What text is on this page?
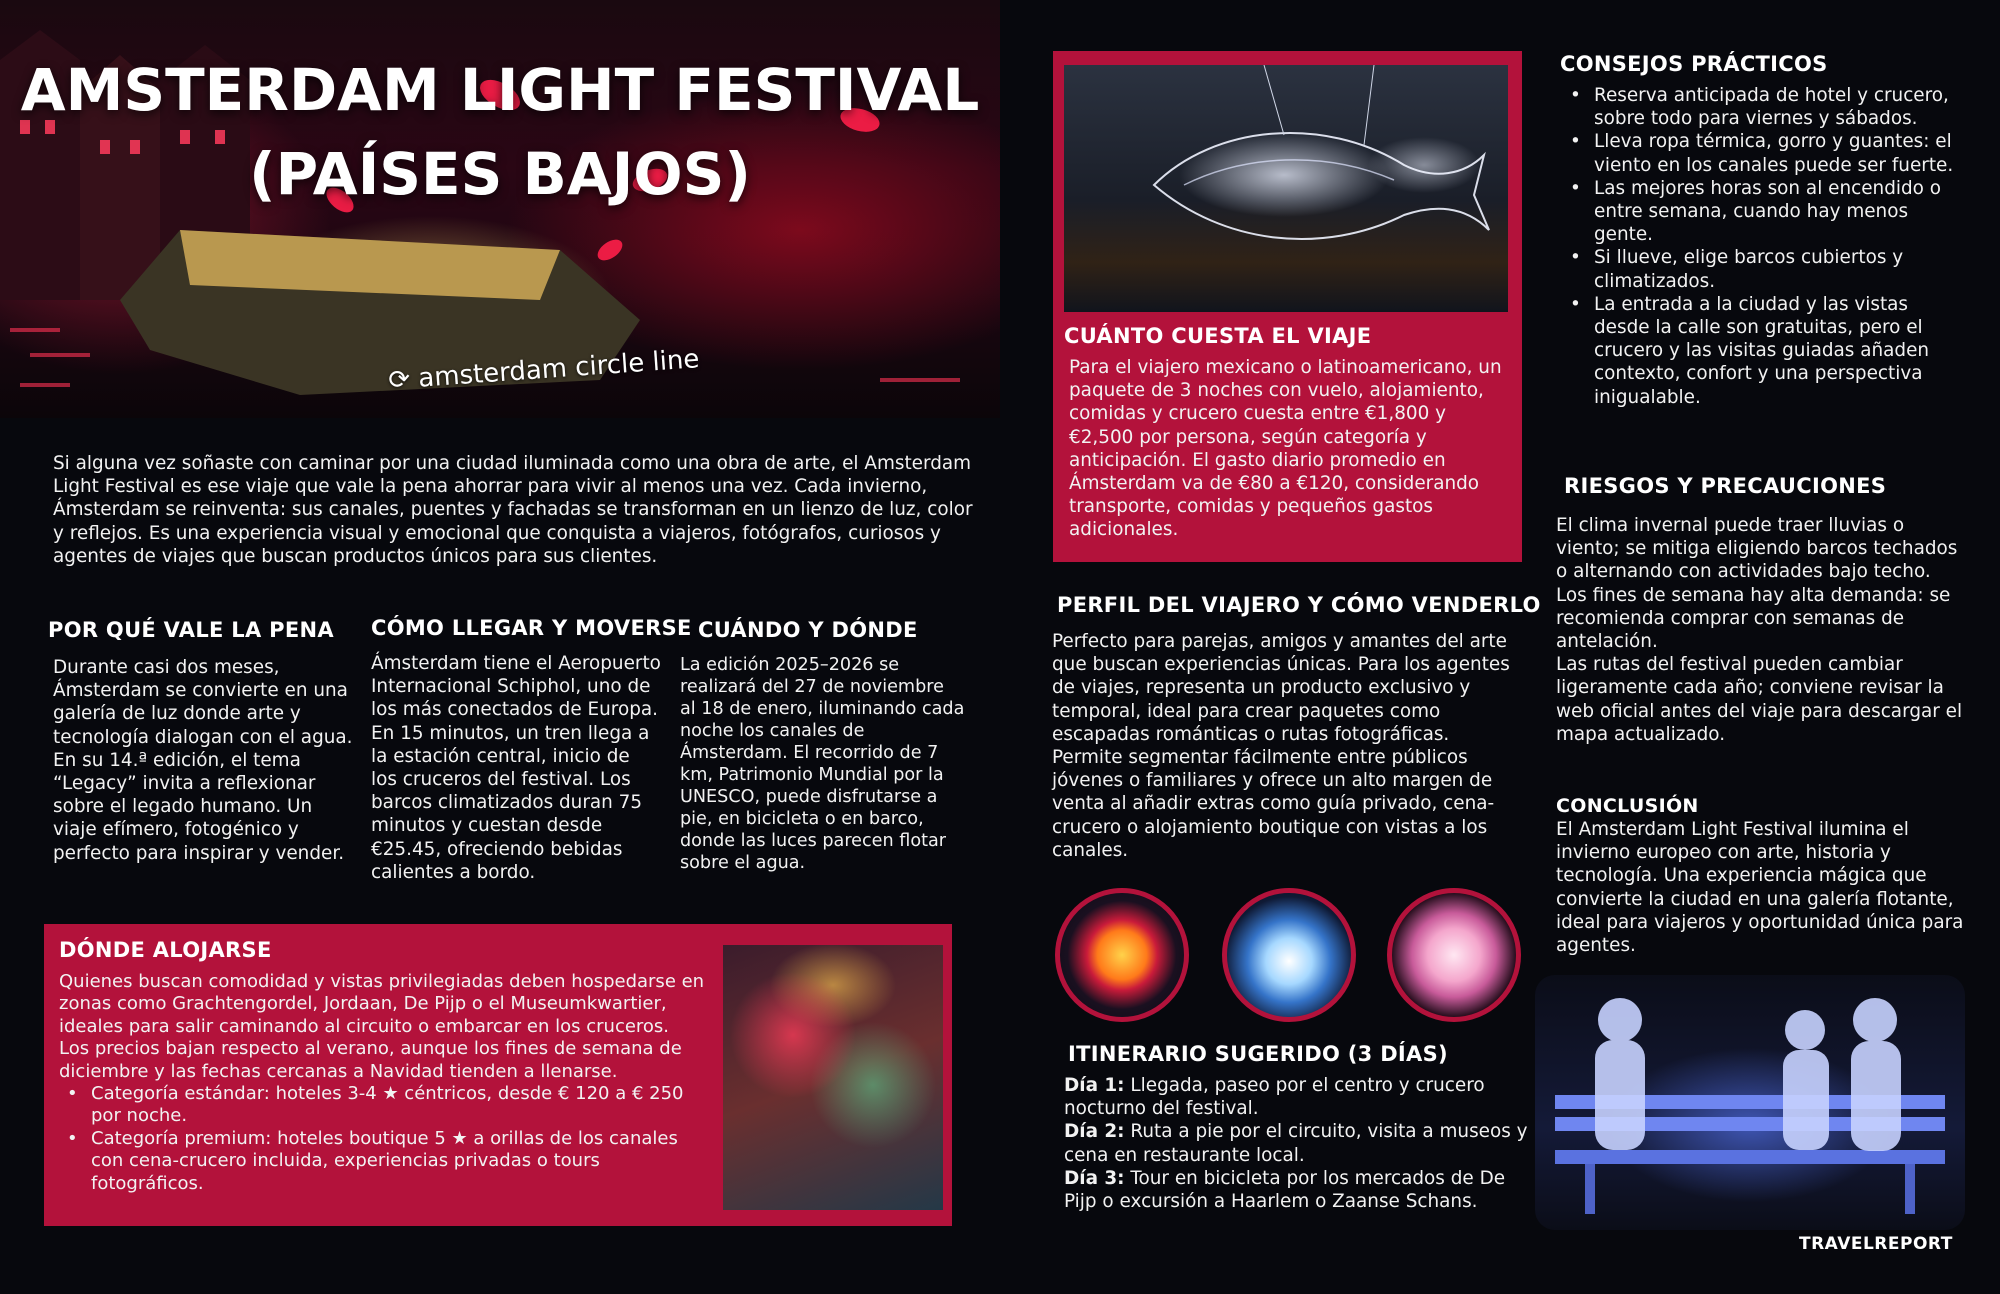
AMSTERDAM LIGHT FESTIVAL
(PAÍSES BAJOS)
⟳ amsterdam circle line
Si alguna vez soñaste con caminar por una ciudad iluminada como una obra de arte, el Amsterdam Light Festival es ese viaje que vale la pena ahorrar para vivir al menos una vez. Cada invierno, Ámsterdam se reinventa: sus canales, puentes y fachadas se transforman en un lienzo de luz, color y reflejos. Es una experiencia visual y emocional que conquista a viajeros, fotógrafos, curiosos y agentes de viajes que buscan productos únicos para sus clientes.
POR QUÉ VALE LA PENA
Durante casi dos meses, Ámsterdam se convierte en una galería de luz donde arte y tecnología dialogan con el agua. En su 14.ª edición, el tema “Legacy” invita a reflexionar sobre el legado humano. Un viaje efímero, fotogénico y perfecto para inspirar y vender.
CÓMO LLEGAR Y MOVERSE
Ámsterdam tiene el Aeropuerto Internacional Schiphol, uno de los más conectados de Europa. En 15 minutos, un tren llega a la estación central, inicio de los cruceros del festival. Los barcos climatizados duran 75 minutos y cuestan desde €25.45, ofreciendo bebidas calientes a bordo.
CUÁNDO Y DÓNDE
La edición 2025–2026 se realizará del 27 de noviembre al 18 de enero, iluminando cada noche los canales de Ámsterdam. El recorrido de 7 km, Patrimonio Mundial por la UNESCO, puede disfrutarse a pie, en bicicleta o en barco, donde las luces parecen flotar sobre el agua.
DÓNDE ALOJARSE

Quienes buscan comodidad y vistas privilegiadas deben hospedarse en zonas como Grachtengordel, Jordaan, De Pijp o el Museumkwartier, ideales para salir caminando al circuito o embarcar en los cruceros.

Los precios bajan respecto al verano, aunque los fines de semana de diciembre y las fechas cercanas a Navidad tienden a llenarse.

• Categoría estándar: hoteles 3-4 ★ céntricos, desde € 120 a € 250 por noche.
• Categoría premium: hoteles boutique 5 ★ a orillas de los canales con cena-crucero incluida, experiencias privadas o tours fotográficos.
CUÁNTO CUESTA EL VIAJE
Para el viajero mexicano o latinoamericano, un paquete de 3 noches con vuelo, alojamiento, comidas y crucero cuesta entre €1,800 y €2,500 por persona, según categoría y anticipación. El gasto diario promedio en Ámsterdam va de €80 a €120, considerando transporte, comidas y pequeños gastos adicionales.
PERFIL DEL VIAJERO Y CÓMO VENDERLO
Perfecto para parejas, amigos y amantes del arte que buscan experiencias únicas. Para los agentes de viajes, representa un producto exclusivo y temporal, ideal para crear paquetes como escapadas románticas o rutas fotográficas. Permite segmentar fácilmente entre públicos jóvenes o familiares y ofrece un alto margen de venta al añadir extras como guía privado, cena-crucero o alojamiento boutique con vistas a los canales.
ITINERARIO SUGERIDO (3 DÍAS)

Día 1: Llegada, paseo por el centro y crucero nocturno del festival.

Día 2: Ruta a pie por el circuito, visita a museos y cena en restaurante local.

Día 3: Tour en bicicleta por los mercados de De Pijp o excursión a Haarlem o Zaanse Schans.

CONSEJOS PRÁCTICOS
• Reserva anticipada de hotel y crucero, sobre todo para viernes y sábados.
• Lleva ropa térmica, gorro y guantes: el viento en los canales puede ser fuerte.
• Las mejores horas son al encendido o entre semana, cuando hay menos gente.
• Si llueve, elige barcos cubiertos y climatizados.
• La entrada a la ciudad y las vistas desde la calle son gratuitas, pero el crucero y las visitas guiadas añaden contexto, confort y una perspectiva inigualable.
RIESGOS Y PRECAUCIONES

El clima invernal puede traer lluvias o viento; se mitiga eligiendo barcos techados o alternando con actividades bajo techo. Los fines de semana hay alta demanda: se recomienda comprar con semanas de antelación.

Las rutas del festival pueden cambiar ligeramente cada año; conviene revisar la web oficial antes del viaje para descargar el mapa actualizado.

CONCLUSIÓN
El Amsterdam Light Festival ilumina el invierno europeo con arte, historia y tecnología. Una experiencia mágica que convierte la ciudad en una galería flotante, ideal para viajeros y oportunidad única para agentes.
TRAVELREPORT
